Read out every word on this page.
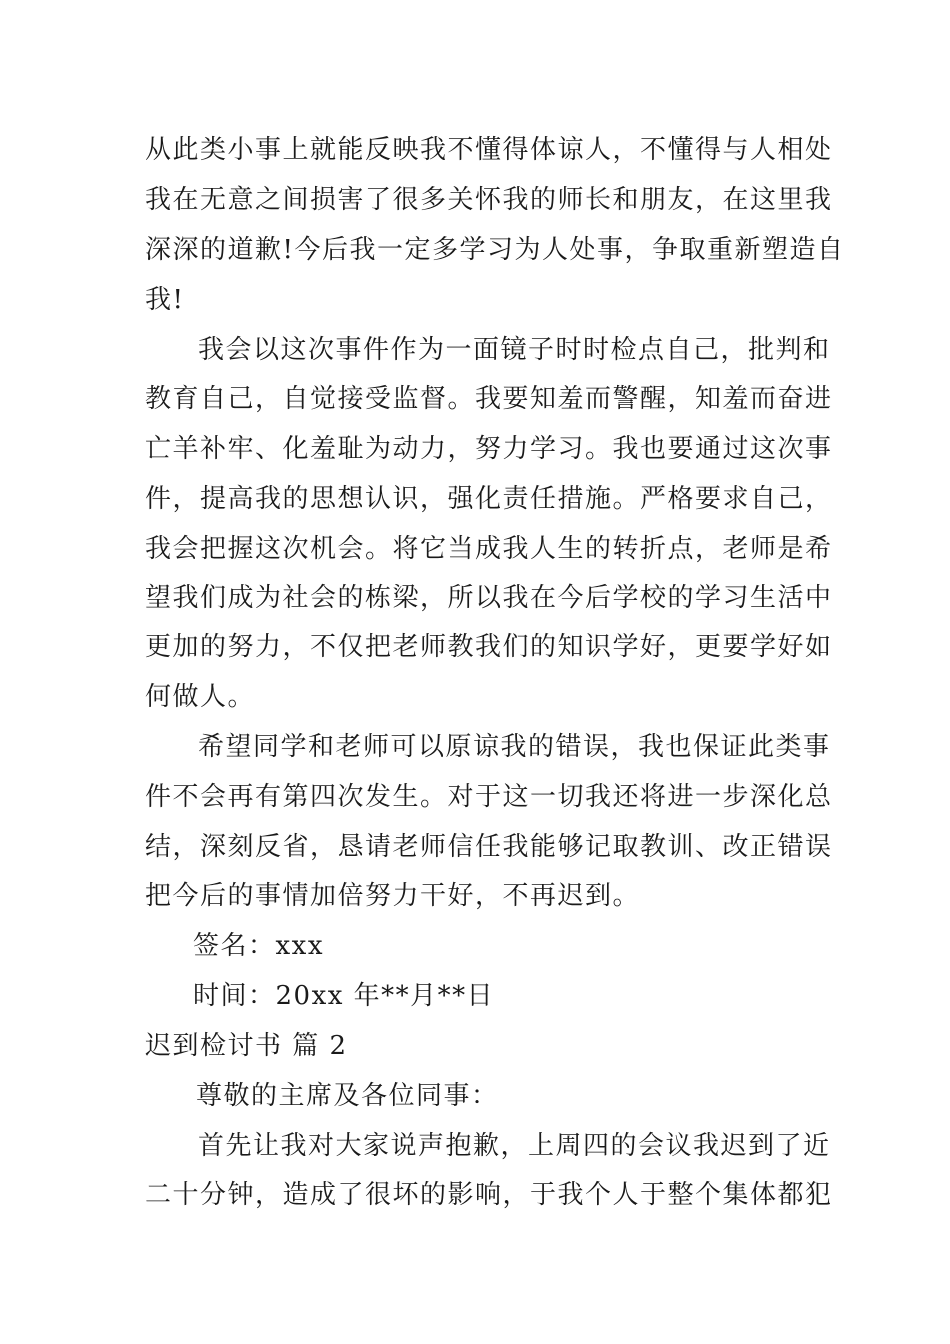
从此类小事上就能反映我不懂得体谅人，不懂得与人相处
我在无意之间损害了很多关怀我的师长和朋友，在这里我
深深的道歉!今后我一定多学习为人处事，争取重新塑造自
我!
我会以这次事件作为一面镜子时时检点自己，批判和
教育自己，自觉接受监督。我要知羞而警醒，知羞而奋进
亡羊补牢、化羞耻为动力，努力学习。我也要通过这次事
件，提高我的思想认识，强化责任措施。严格要求自己，
我会把握这次机会。将它当成我人生的转折点，老师是希
望我们成为社会的栋梁，所以我在今后学校的学习生活中
更加的努力，不仅把老师教我们的知识学好，更要学好如
何做人。
希望同学和老师可以原谅我的错误，我也保证此类事
件不会再有第四次发生。对于这一切我还将进一步深化总
结，深刻反省，恳请老师信任我能够记取教训、改正错误
把今后的事情加倍努力干好，不再迟到。
签名：xxx
时间：20xx 年**月**日
迟到检讨书 篇 2
尊敬的主席及各位同事：
首先让我对大家说声抱歉，上周四的会议我迟到了近
二十分钟，造成了很坏的影响，于我个人于整个集体都犯
